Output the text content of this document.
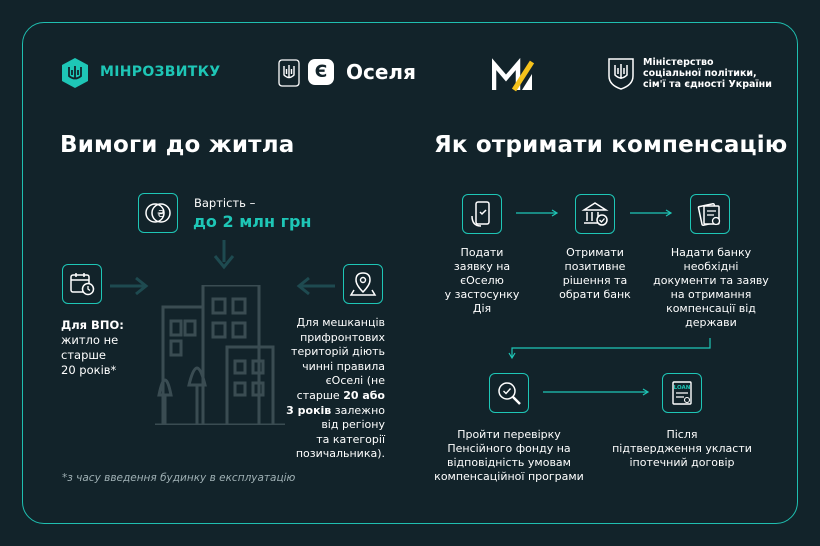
МІНРОЗВИТКУ	Є Оселя	Міністерство
соціальної політики,
сім'ї та єдності України
Вимоги до житла
₴
Вартість –
до 2 млн грн
Для ВПО:
житло не
старше
20 років*
Для мешканців
прифронтових
територій діють
чинні правила
єОселі (не
старше 20 або
3 років залежно
від регіону
та категорії
позичальника).
*з часу введення будинку в експлуатацію
Як отримати компенсацію
Подати
заявку на
єОселю
у застосунку
Дія
Отримати
позитивне
рішення та
обрати банк
Надати банку
необхідні
документи та заяву
на отримання
компенсації від
держави
LOAN
Пройти перевірку
Пенсійного фонду на
відповідність умовам
компенсаційної програми
Після
підтвердження укласти
іпотечний договір
